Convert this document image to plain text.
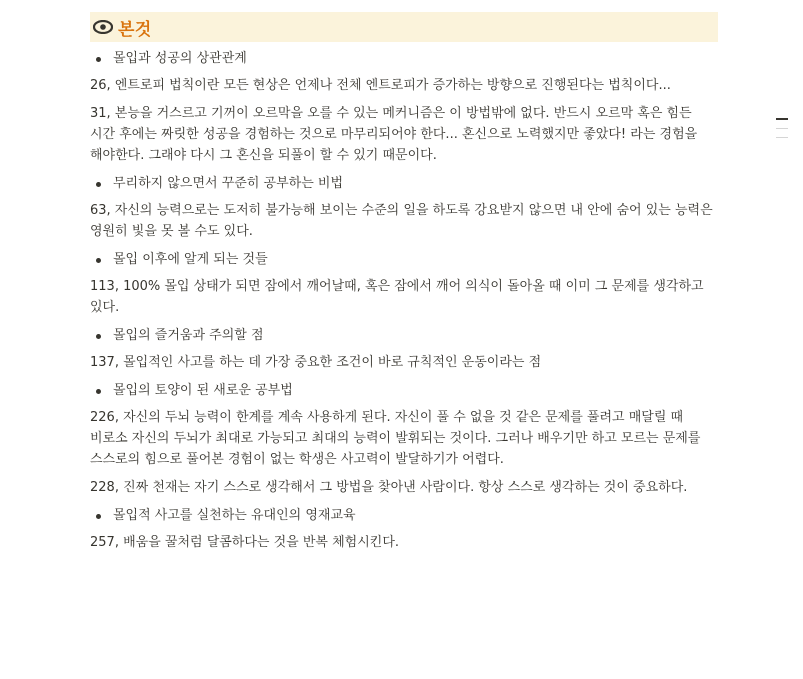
본것
몰입과 성공의 상관관계

26, 엔트로피 법칙이란 모든 현상은 언제나 전체 엔트로피가 증가하는 방향으로 진행된다는 법칙이다...

31, 본능을 거스르고 기꺼이 오르막을 오를 수 있는 메커니즘은 이 방법밖에 없다. 반드시 오르막 혹은 힘든 시간 후에는 짜릿한 성공을 경험하는 것으로 마무리되어야 한다... 혼신으로 노력했지만 좋았다! 라는 경험을 해야한다. 그래야 다시 그 혼신을 되풀이 할 수 있기 때문이다.

무리하지 않으면서 꾸준히 공부하는 비법

63, 자신의 능력으로는 도저히 불가능해 보이는 수준의 일을 하도록 강요받지 않으면 내 안에 숨어 있는 능력은 영원히 빛을 못 볼 수도 있다.

몰입 이후에 알게 되는 것들

113, 100% 몰입 상태가 되면 잠에서 깨어날때, 혹은 잠에서 깨어 의식이 돌아올 때 이미 그 문제를 생각하고 있다.

몰입의 즐거움과 주의할 점

137, 몰입적인 사고를 하는 데 가장 중요한 조건이 바로 규칙적인 운동이라는 점

몰입의 토양이 된 새로운 공부법

226, 자신의 두뇌 능력이 한계를 계속 사용하게 된다. 자신이 풀 수 없을 것 같은 문제를 풀려고 매달릴 때 비로소 자신의 두뇌가 최대로 가능되고 최대의 능력이 발휘되는 것이다. 그러나 배우기만 하고 모르는 문제를 스스로의 힘으로 풀어본 경험이 없는 학생은 사고력이 발달하기가 어렵다.

228, 진짜 천재는 자기 스스로 생각해서 그 방법을 찾아낸 사람이다. 항상 스스로 생각하는 것이 중요하다.

몰입적 사고를 실천하는 유대인의 영재교육

257, 배움을 꿀처럼 달콤하다는 것을 반복 체험시킨다.
